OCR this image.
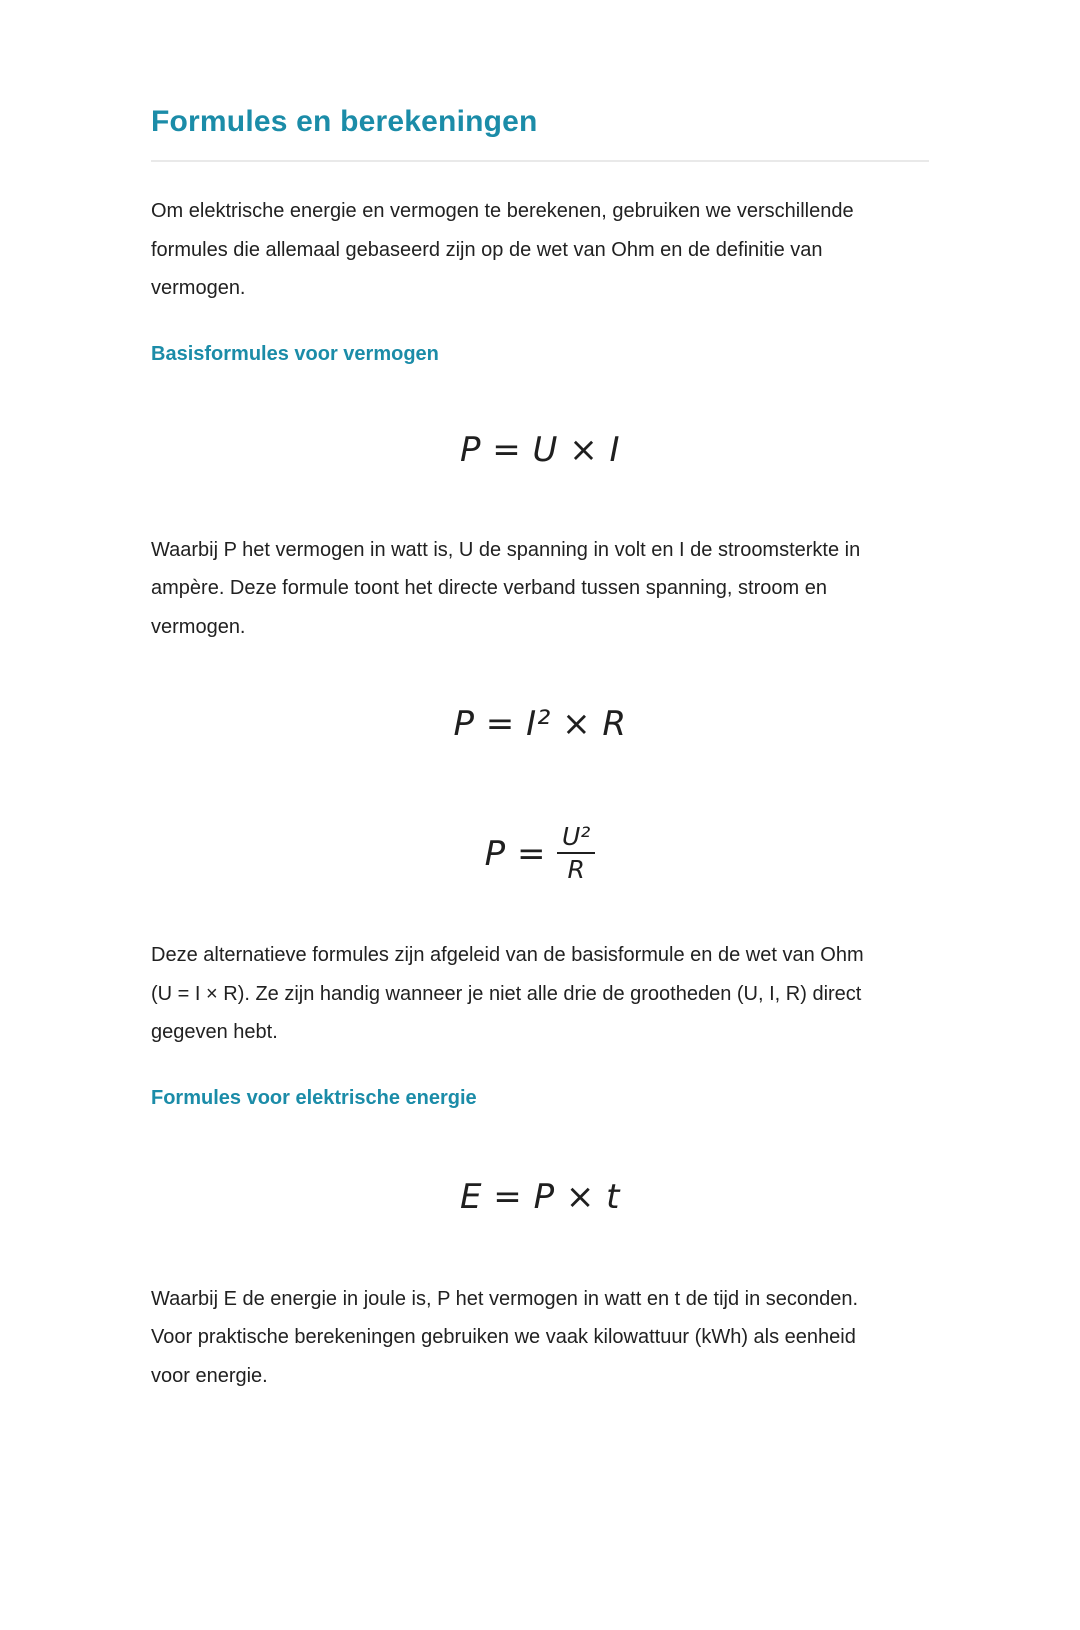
Formules en berekeningen

Om elektrische energie en vermogen te berekenen, gebruiken we verschillende
formules die allemaal gebaseerd zijn op de wet van Ohm en de definitie van
vermogen.

Basisformules voor vermogen
P = U × I

Waarbij P het vermogen in watt is, U de spanning in volt en I de stroomsterkte in
ampère. Deze formule toont het directe verband tussen spanning, stroom en
vermogen.

P = I² × R
$P = \frac{\text{U²}}{R}$

Deze alternatieve formules zijn afgeleid van de basisformule en de wet van Ohm
(U = I × R). Ze zijn handig wanneer je niet alle drie de grootheden (U, I, R) direct
gegeven hebt.

Formules voor elektrische energie
E = P × t

Waarbij E de energie in joule is, P het vermogen in watt en t de tijd in seconden.
Voor praktische berekeningen gebruiken we vaak kilowattuur (kWh) als eenheid
voor energie.
